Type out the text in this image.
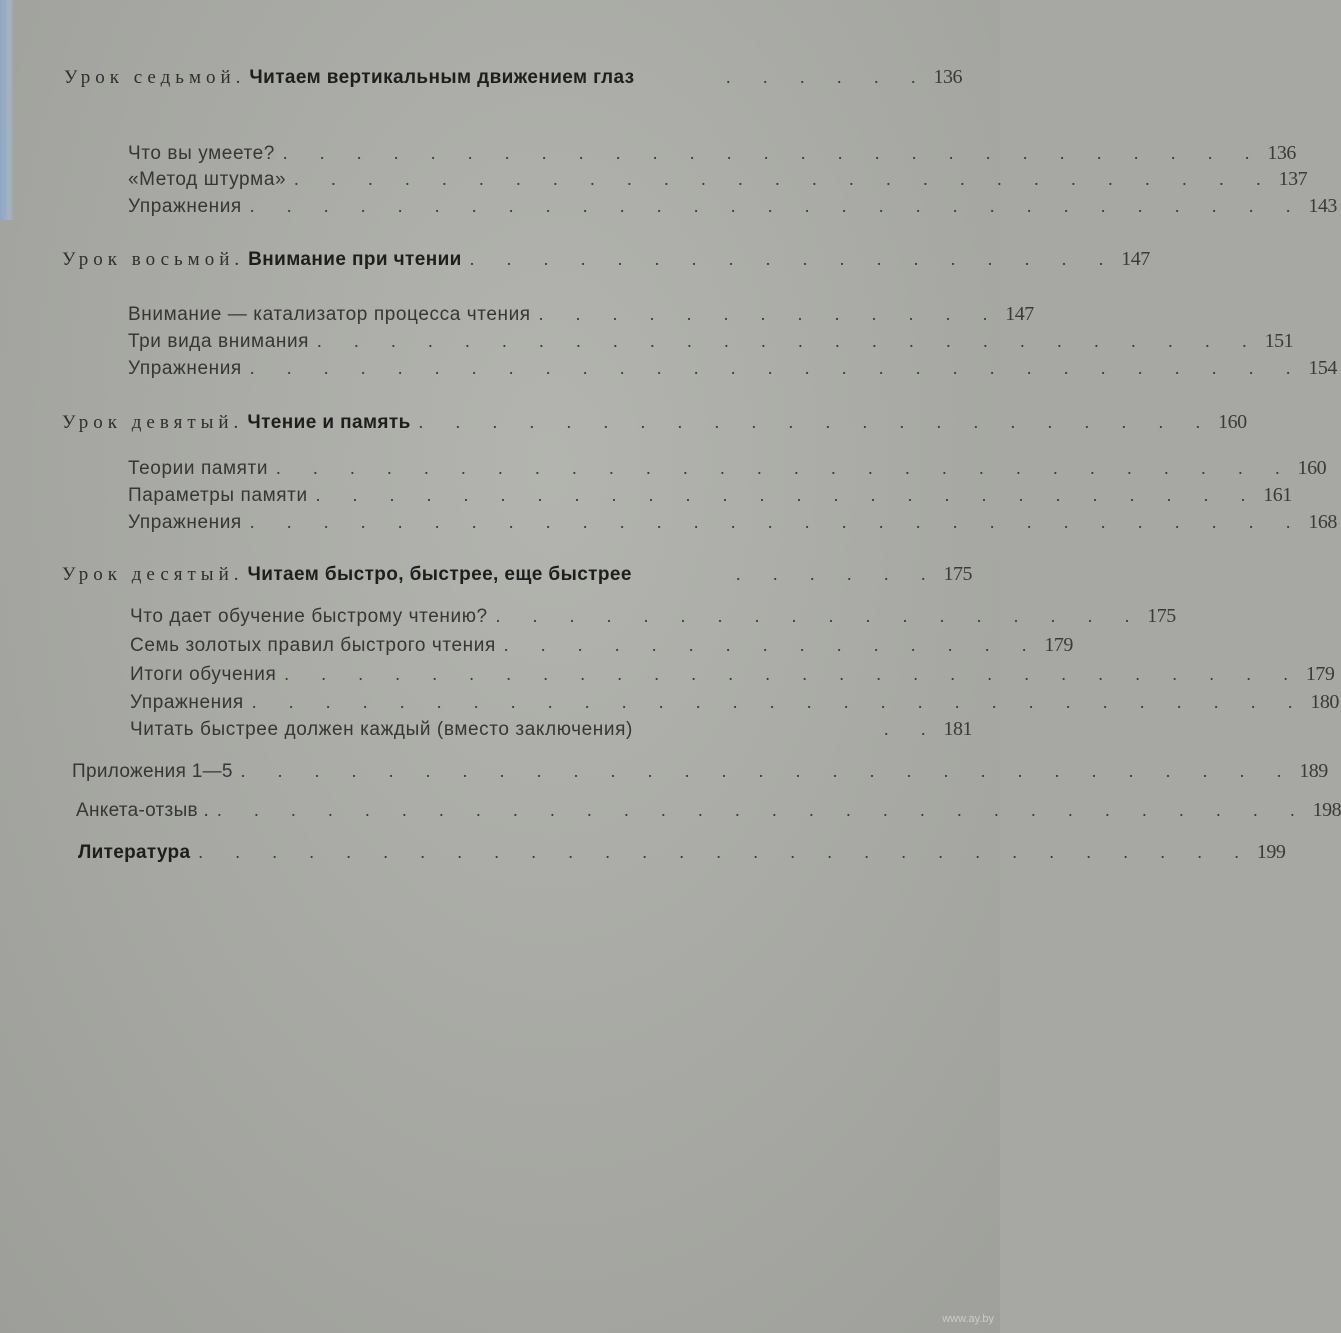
Урок седьмой. Читаем вертикальным движением глаз	. . . . . . 136
Что вы умеете? . . . . . . . . . . . . . . . . . . . . . . . . . . . 136
«Метод штурма» . . . . . . . . . . . . . . . . . . . . . . . . . . . 137
Упражнения . . . . . . . . . . . . . . . . . . . . . . . . . . . . . 143
Урок восьмой. Внимание при чтении . . . . . . . . . . . . . . . . . . 147
Внимание — катализатор процесса чтения . . . . . . . . . . . . . 147
Три вида внимания . . . . . . . . . . . . . . . . . . . . . . . . . . 151
Упражнения . . . . . . . . . . . . . . . . . . . . . . . . . . . . . 154
Урок девятый. Чтение и память . . . . . . . . . . . . . . . . . . . . . . 160
Теории памяти . . . . . . . . . . . . . . . . . . . . . . . . . . . . 160
Параметры памяти . . . . . . . . . . . . . . . . . . . . . . . . . . 161
Упражнения . . . . . . . . . . . . . . . . . . . . . . . . . . . . . 168
Урок десятый. Читаем быстро, быстрее, еще быстрее	. . . . . . 175
Что дает обучение быстрому чтению? . . . . . . . . . . . . . . . . . . 175
Семь золотых правил быстрого чтения . . . . . . . . . . . . . . . 179
Итоги обучения . . . . . . . . . . . . . . . . . . . . . . . . . . . . 179
Упражнения . . . . . . . . . . . . . . . . . . . . . . . . . . . . . 180
Читать быстрее должен каждый (вместо заключения)	. . 181
Приложения 1—5 . . . . . . . . . . . . . . . . . . . . . . . . . . . . . 189
Анкета-отзыв . . . . . . . . . . . . . . . . . . . . . . . . . . . . . . . 198
Литература . . . . . . . . . . . . . . . . . . . . . . . . . . . . . 199
www.ay.by
